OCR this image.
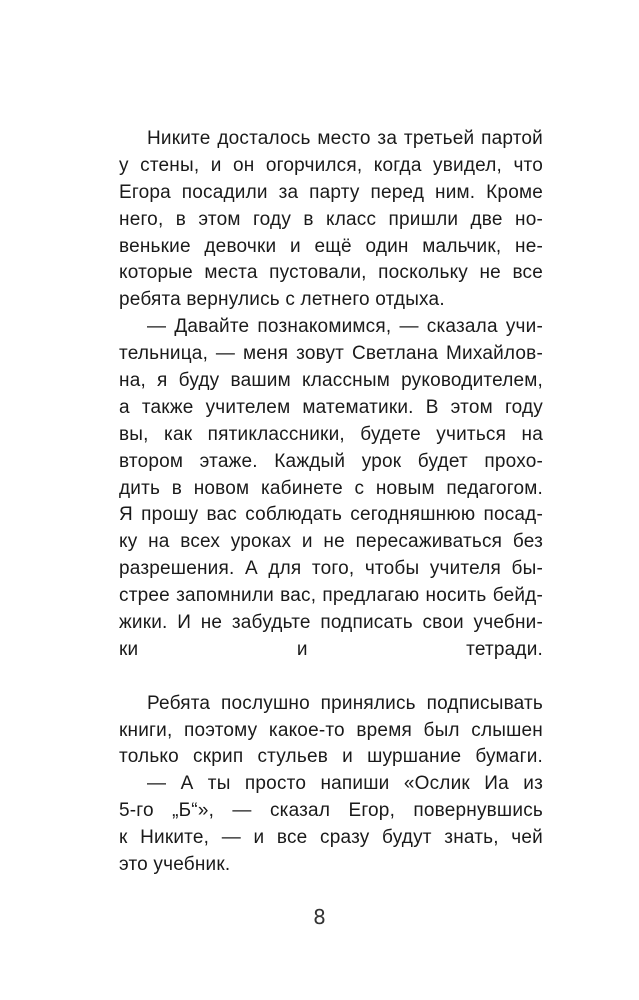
Никите досталось место за третьей партой
у стены, и он огорчился, когда увидел, что
Егора посадили за парту перед ним. Кроме
него, в этом году в класс пришли две но-
венькие девочки и ещё один мальчик, не-
которые места пустовали, поскольку не все
ребята вернулись с летнего отдыха.
— Давайте познакомимся, — сказала учи-
тельница, — меня зовут Светлана Михайлов-
на, я буду вашим классным руководителем,
а также учителем математики. В этом году
вы, как пятиклассники, будете учиться на
втором этаже. Каждый урок будет прохо-
дить в новом кабинете с новым педагогом.
Я прошу вас соблюдать сегодняшнюю посад-
ку на всех уроках и не пересаживаться без
разрешения. А для того, чтобы учителя бы-
стрее запомнили вас, предлагаю носить бейд-
жики. И не забудьте подписать свои учебни-
ки и тетради.
Ребята послушно принялись подписывать
книги, поэтому какое-то время был слышен
только скрип стульев и шуршание бумаги.
— А ты просто напиши «Ослик Иа из
5-го „Б“», — сказал Егор, повернувшись
к Никите, — и все сразу будут знать, чей
это учебник.
8
